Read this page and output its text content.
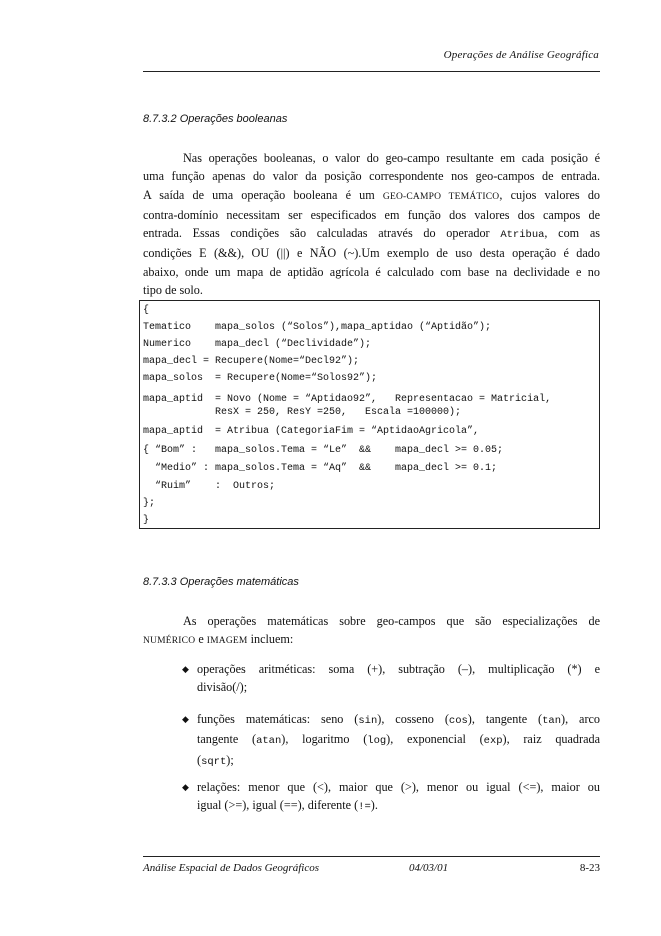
Operações de Análise Geográfica
8.7.3.2 Operações booleanas
Nas operações booleanas, o valor do geo-campo resultante em cada posição é
uma função apenas do valor da posição correspondente nos geo-campos de entrada.
A saída de uma operação booleana é um GEO-CAMPO TEMÁTICO, cujos valores do
contra-domínio necessitam ser especificados em função dos valores dos campos de
entrada. Essas condições são calculadas através do operador Atribua, com as
condições E (&&), OU (||) e NÃO (~).Um exemplo de uso desta operação é dado
abaixo, onde um mapa de aptidão agrícola é calculado com base na declividade e no
tipo de solo.
{
Tematico    mapa_solos (“Solos”),mapa_aptidao (“Aptidão”);
Numerico    mapa_decl (“Declividade”);
mapa_decl = Recupere(Nome=“Decl92”);
mapa_solos  = Recupere(Nome=“Solos92”);
mapa_aptid  = Novo (Nome = “Aptidao92”,   Representacao = Matricial,
ResX = 250, ResY =250,   Escala =100000);
mapa_aptid  = Atribua (CategoriaFim = “AptidaoAgricola”,
{ “Bom” :   mapa_solos.Tema = “Le”  &&    mapa_decl >= 0.05;
“Medio” : mapa_solos.Tema = “Aq”  &&    mapa_decl >= 0.1;
“Ruim”    :  Outros;
};
}
8.7.3.3 Operações matemáticas
As operações matemáticas sobre geo-campos que são especializações de
NUMÉRICO e IMAGEM incluem:
◆ operações aritméticas: soma (+), subtração (–), multiplicação (*) e
divisão(/);
◆ funções matemáticas: seno (sin), cosseno (cos), tangente (tan), arco
tangente (atan), logaritmo (log), exponencial (exp), raiz quadrada
(sqrt);
◆ relações: menor que (<), maior que (>), menor ou igual (<=), maior ou
igual (>=), igual (==), diferente (!=).
Análise Espacial de Dados Geográficos	04/03/01	8-23
